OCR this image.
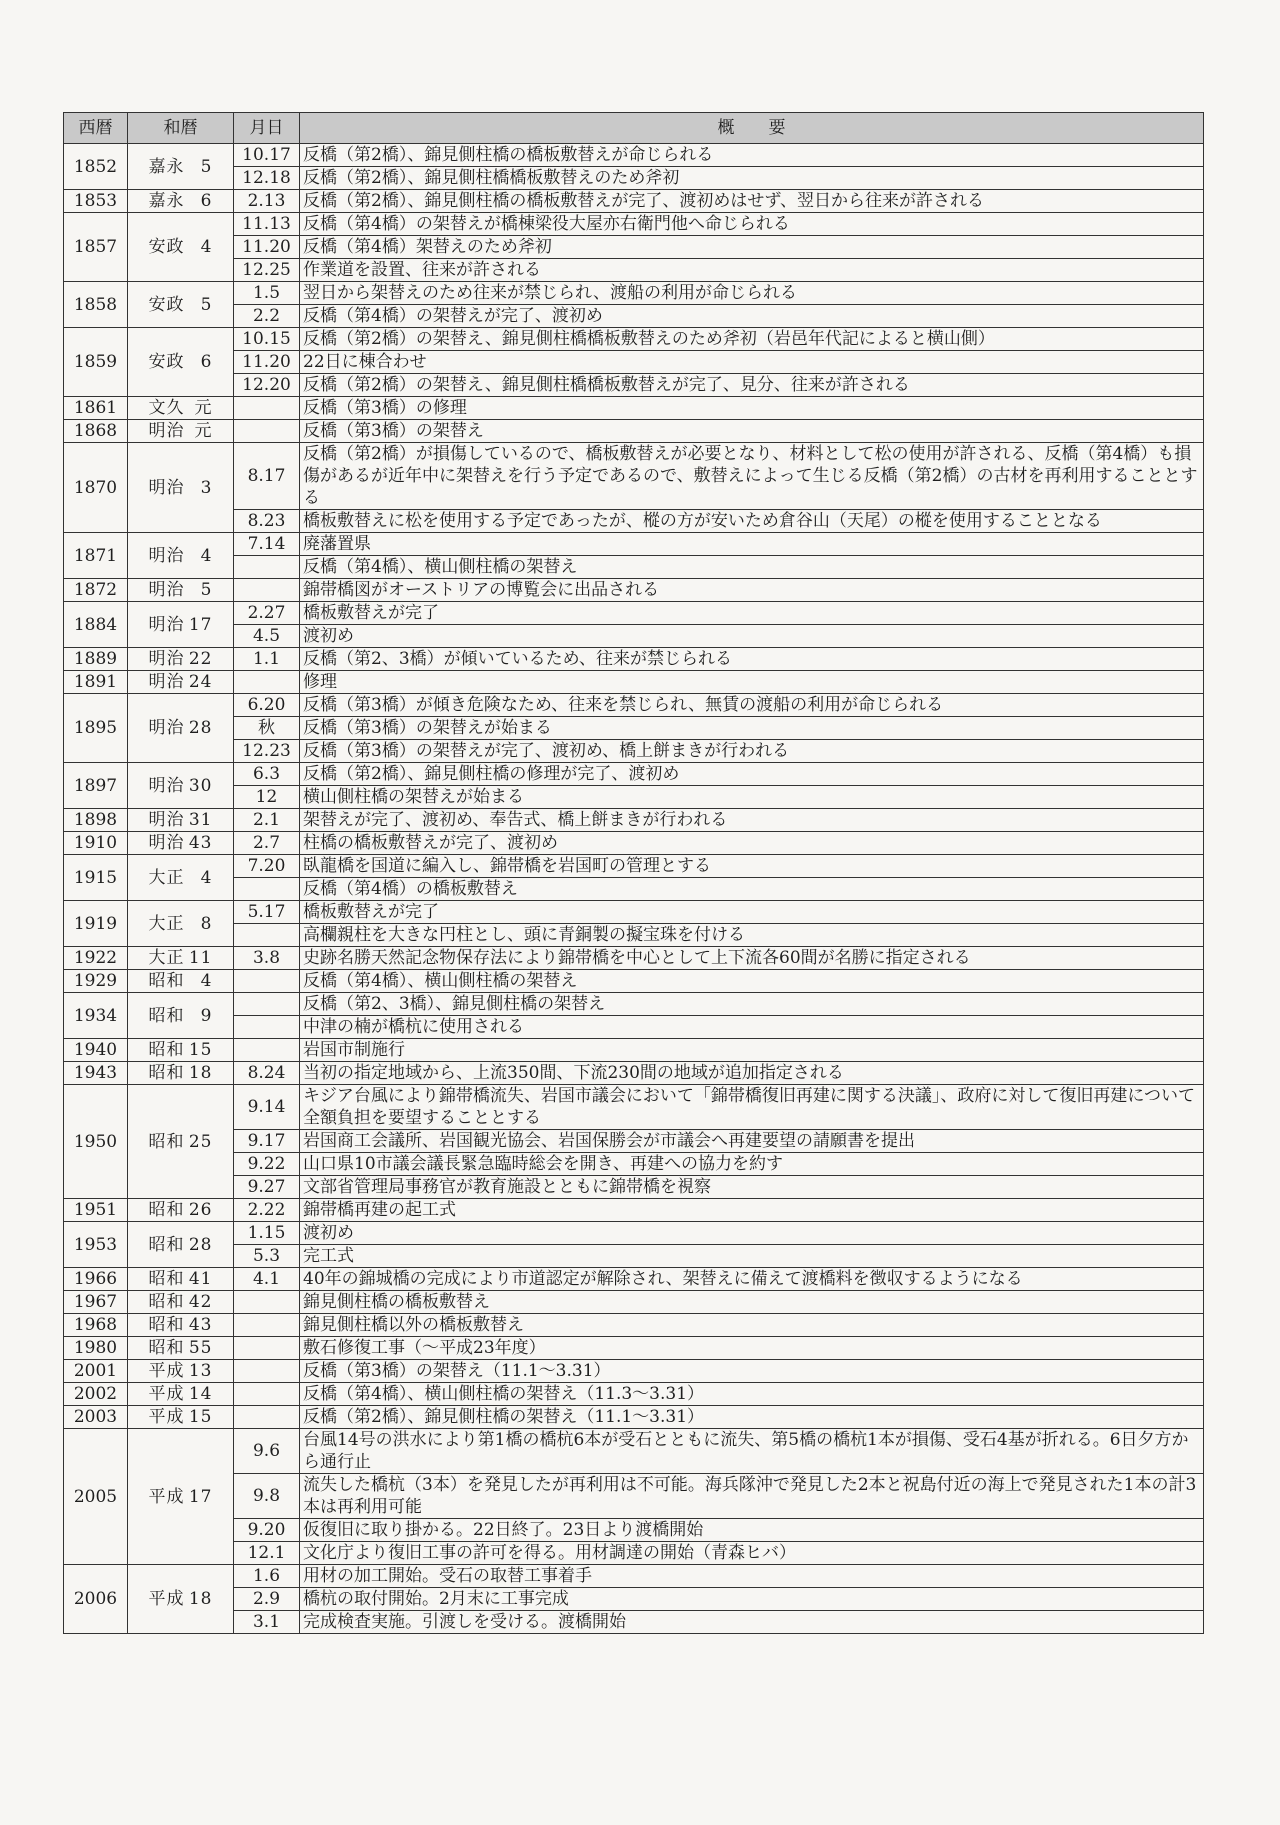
西暦	和暦	月日	概　　要
1852	嘉永 5	10.17	反橋（第2橋）、錦見側柱橋の橋板敷替えが命じられる
		12.18	反橋（第2橋）、錦見側柱橋橋板敷替えのため斧初
1853	嘉永 6	2.13	反橋（第2橋）、錦見側柱橋の橋板敷替えが完了、渡初めはせず、翌日から往来が許される
1857	安政 4	11.13	反橋（第4橋）の架替えが橋棟梁役大屋亦右衛門他へ命じられる
		11.20	反橋（第4橋）架替えのため斧初
		12.25	作業道を設置、往来が許される
1858	安政 5	1.5	翌日から架替えのため往来が禁じられ、渡船の利用が命じられる
		2.2	反橋（第4橋）の架替えが完了、渡初め
1859	安政 6	10.15	反橋（第2橋）の架替え、錦見側柱橋橋板敷替えのため斧初（岩邑年代記によると横山側）
		11.20	22日に棟合わせ
		12.20	反橋（第2橋）の架替え、錦見側柱橋橋板敷替えが完了、見分、往来が許される
1861	文久 元		反橋（第3橋）の修理
1868	明治 元		反橋（第3橋）の架替え
1870	明治 3	8.17	反橋（第2橋）が損傷しているので、橋板敷替えが必要となり、材料として松の使用が許される、反橋（第4橋）も損傷があるが近年中に架替えを行う予定であるので、敷替えによって生じる反橋（第2橋）の古材を再利用することとする
		8.23	橋板敷替えに松を使用する予定であったが、樅の方が安いため倉谷山（天尾）の樅を使用することとなる
1871	明治 4	7.14	廃藩置県
			反橋（第4橋）、横山側柱橋の架替え
1872	明治 5		錦帯橋図がオーストリアの博覧会に出品される
1884	明治 17	2.27	橋板敷替えが完了
		4.5	渡初め
1889	明治 22	1.1	反橋（第2、3橋）が傾いているため、往来が禁じられる
1891	明治 24		修理
1895	明治 28	6.20	反橋（第3橋）が傾き危険なため、往来を禁じられ、無賃の渡船の利用が命じられる
		秋	反橋（第3橋）の架替えが始まる
		12.23	反橋（第3橋）の架替えが完了、渡初め、橋上餅まきが行われる
1897	明治 30	6.3	反橋（第2橋）、錦見側柱橋の修理が完了、渡初め
		12	横山側柱橋の架替えが始まる
1898	明治 31	2.1	架替えが完了、渡初め、奉告式、橋上餅まきが行われる
1910	明治 43	2.7	柱橋の橋板敷替えが完了、渡初め
1915	大正 4	7.20	臥龍橋を国道に編入し、錦帯橋を岩国町の管理とする
			反橋（第4橋）の橋板敷替え
1919	大正 8	5.17	橋板敷替えが完了
			高欄親柱を大きな円柱とし、頭に青銅製の擬宝珠を付ける
1922	大正 11	3.8	史跡名勝天然記念物保存法により錦帯橋を中心として上下流各60間が名勝に指定される
1929	昭和 4		反橋（第4橋）、横山側柱橋の架替え
1934	昭和 9		反橋（第2、3橋）、錦見側柱橋の架替え
			中津の楠が橋杭に使用される
1940	昭和 15		岩国市制施行
1943	昭和 18	8.24	当初の指定地域から、上流350間、下流230間の地域が追加指定される
1950	昭和 25	9.14	キジア台風により錦帯橋流失、岩国市議会において「錦帯橋復旧再建に関する決議」、政府に対して復旧再建について全額負担を要望することとする
		9.17	岩国商工会議所、岩国観光協会、岩国保勝会が市議会へ再建要望の請願書を提出
		9.22	山口県10市議会議長緊急臨時総会を開き、再建への協力を約す
		9.27	文部省管理局事務官が教育施設とともに錦帯橋を視察
1951	昭和 26	2.22	錦帯橋再建の起工式
1953	昭和 28	1.15	渡初め
		5.3	完工式
1966	昭和 41	4.1	40年の錦城橋の完成により市道認定が解除され、架替えに備えて渡橋料を徴収するようになる
1967	昭和 42		錦見側柱橋の橋板敷替え
1968	昭和 43		錦見側柱橋以外の橋板敷替え
1980	昭和 55		敷石修復工事（～平成23年度）
2001	平成 13		反橋（第3橋）の架替え（11.1～3.31）
2002	平成 14		反橋（第4橋）、横山側柱橋の架替え（11.3～3.31）
2003	平成 15		反橋（第2橋）、錦見側柱橋の架替え（11.1～3.31）
2005	平成 17	9.6	台風14号の洪水により第1橋の橋杭6本が受石とともに流失、第5橋の橋杭1本が損傷、受石4基が折れる。6日夕方から通行止
		9.8	流失した橋杭（3本）を発見したが再利用は不可能。海兵隊沖で発見した2本と祝島付近の海上で発見された1本の計3本は再利用可能
		9.20	仮復旧に取り掛かる。22日終了。23日より渡橋開始
		12.1	文化庁より復旧工事の許可を得る。用材調達の開始（青森ヒバ）
2006	平成 18	1.6	用材の加工開始。受石の取替工事着手
		2.9	橋杭の取付開始。2月末に工事完成
		3.1	完成検査実施。引渡しを受ける。渡橋開始
